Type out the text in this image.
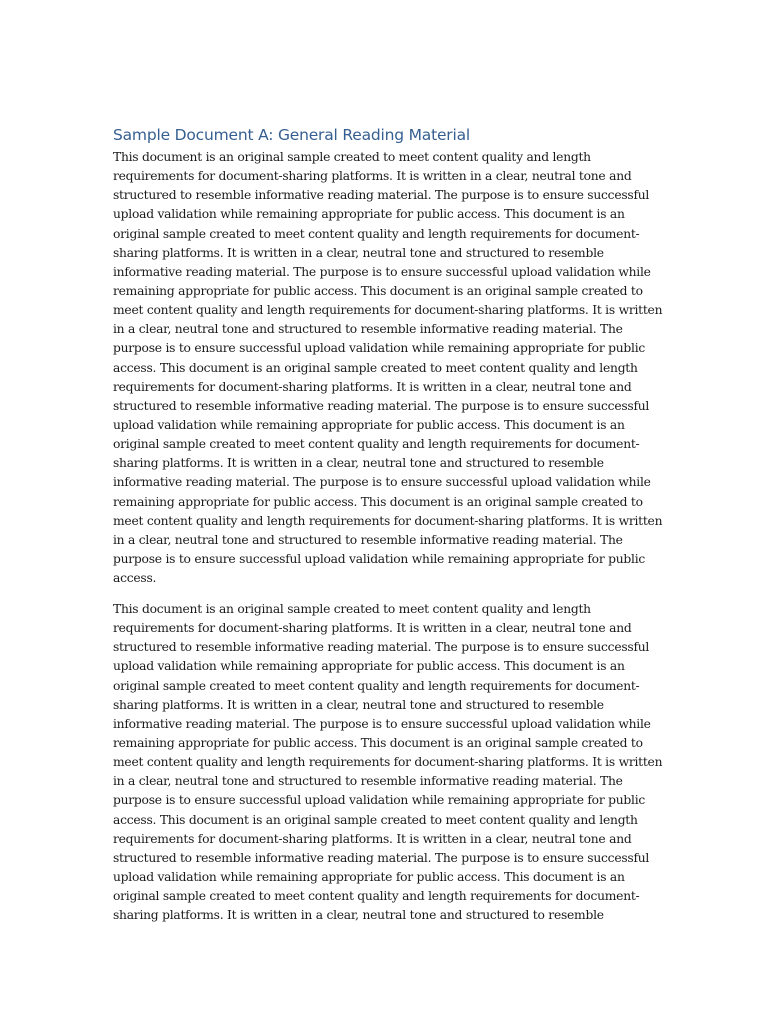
Sample Document A: General Reading Material
This document is an original sample created to meet content quality and length
requirements for document-sharing platforms. It is written in a clear, neutral tone and
structured to resemble informative reading material. The purpose is to ensure successful
upload validation while remaining appropriate for public access. This document is an
original sample created to meet content quality and length requirements for document-
sharing platforms. It is written in a clear, neutral tone and structured to resemble
informative reading material. The purpose is to ensure successful upload validation while
remaining appropriate for public access. This document is an original sample created to
meet content quality and length requirements for document-sharing platforms. It is written
in a clear, neutral tone and structured to resemble informative reading material. The
purpose is to ensure successful upload validation while remaining appropriate for public
access. This document is an original sample created to meet content quality and length
requirements for document-sharing platforms. It is written in a clear, neutral tone and
structured to resemble informative reading material. The purpose is to ensure successful
upload validation while remaining appropriate for public access. This document is an
original sample created to meet content quality and length requirements for document-
sharing platforms. It is written in a clear, neutral tone and structured to resemble
informative reading material. The purpose is to ensure successful upload validation while
remaining appropriate for public access. This document is an original sample created to
meet content quality and length requirements for document-sharing platforms. It is written
in a clear, neutral tone and structured to resemble informative reading material. The
purpose is to ensure successful upload validation while remaining appropriate for public
access.
This document is an original sample created to meet content quality and length
requirements for document-sharing platforms. It is written in a clear, neutral tone and
structured to resemble informative reading material. The purpose is to ensure successful
upload validation while remaining appropriate for public access. This document is an
original sample created to meet content quality and length requirements for document-
sharing platforms. It is written in a clear, neutral tone and structured to resemble
informative reading material. The purpose is to ensure successful upload validation while
remaining appropriate for public access. This document is an original sample created to
meet content quality and length requirements for document-sharing platforms. It is written
in a clear, neutral tone and structured to resemble informative reading material. The
purpose is to ensure successful upload validation while remaining appropriate for public
access. This document is an original sample created to meet content quality and length
requirements for document-sharing platforms. It is written in a clear, neutral tone and
structured to resemble informative reading material. The purpose is to ensure successful
upload validation while remaining appropriate for public access. This document is an
original sample created to meet content quality and length requirements for document-
sharing platforms. It is written in a clear, neutral tone and structured to resemble
